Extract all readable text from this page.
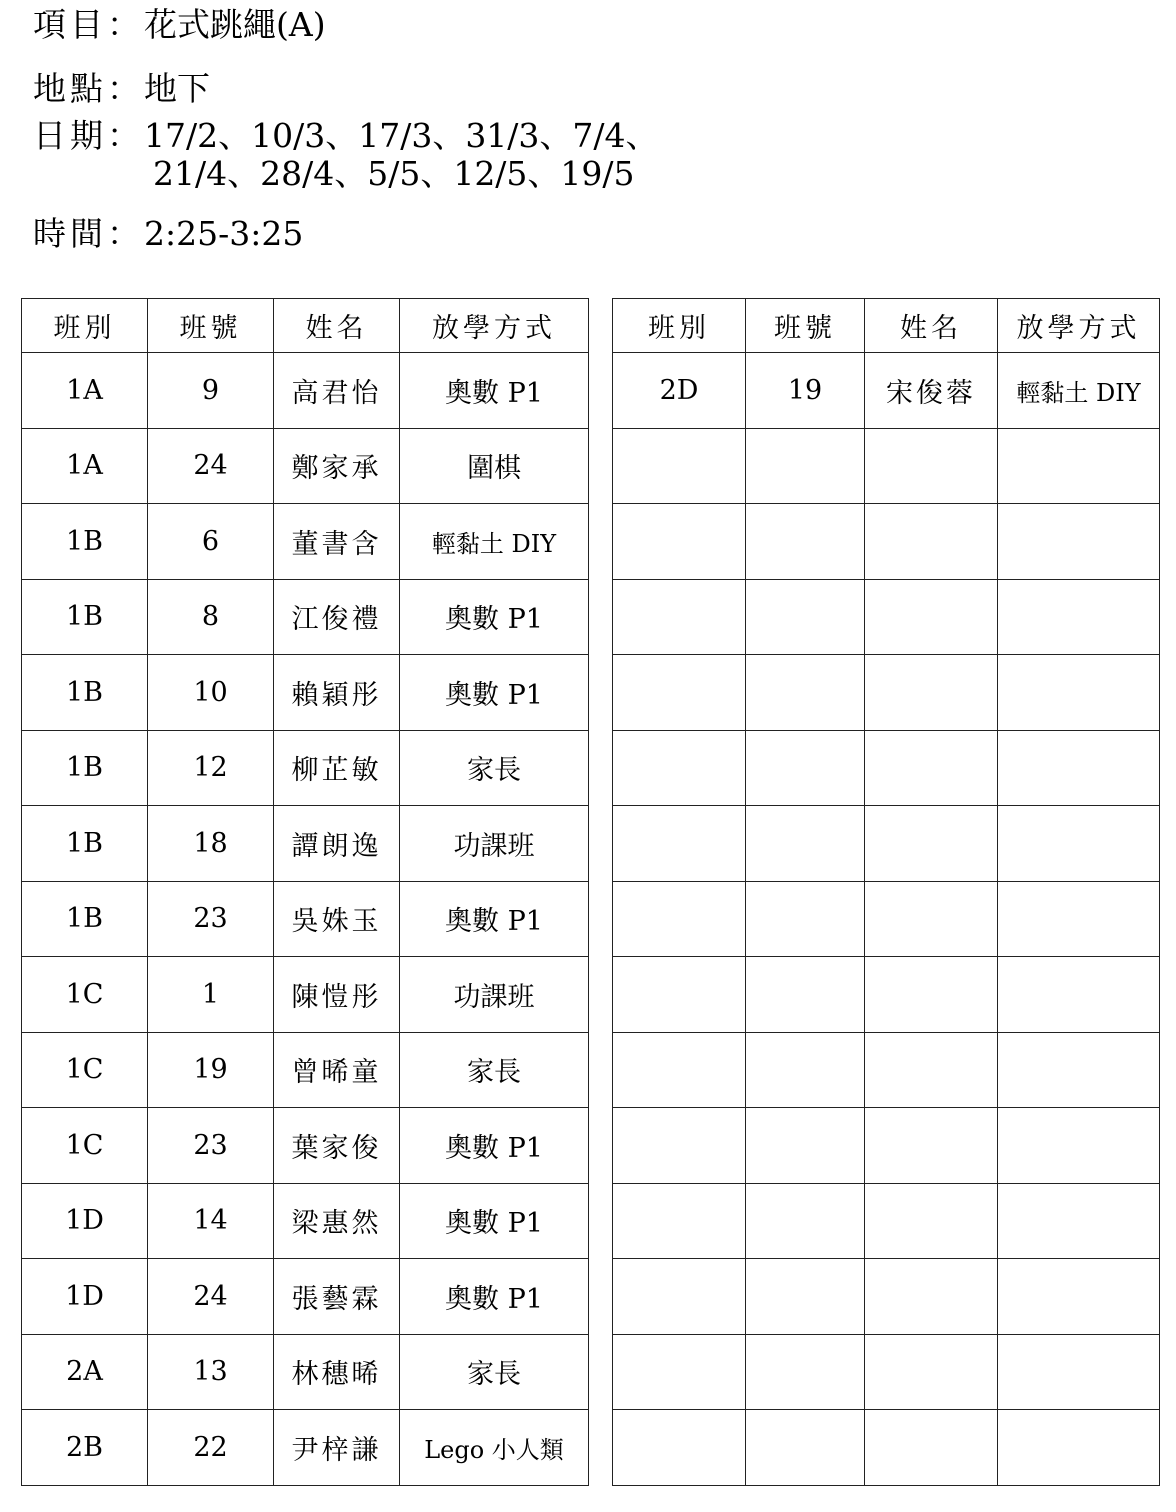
項目：花式跳繩(A)
地點：地下
日期：17/2、10/3、17/3、31/3、7/4、
21/4、28/4、5/5、12/5、19/5
時間：2:25-3:25
班別	班號	姓名	放學方式
1A	9	高君怡	奧數 P1
1A	24	鄭家承	圍棋
1B	6	董書含	輕黏土 DIY
1B	8	江俊禮	奧數 P1
1B	10	賴穎彤	奧數 P1
1B	12	柳芷敏	家長
1B	18	譚朗逸	功課班
1B	23	吳姝玉	奧數 P1
1C	1	陳愷彤	功課班
1C	19	曾晞童	家長
1C	23	葉家俊	奧數 P1
1D	14	梁惠然	奧數 P1
1D	24	張藝霖	奧數 P1
2A	13	林穗晞	家長
2B	22	尹梓謙	Lego 小人類
班別	班號	姓名	放學方式
2D	19	宋俊蓉	輕黏土 DIY
